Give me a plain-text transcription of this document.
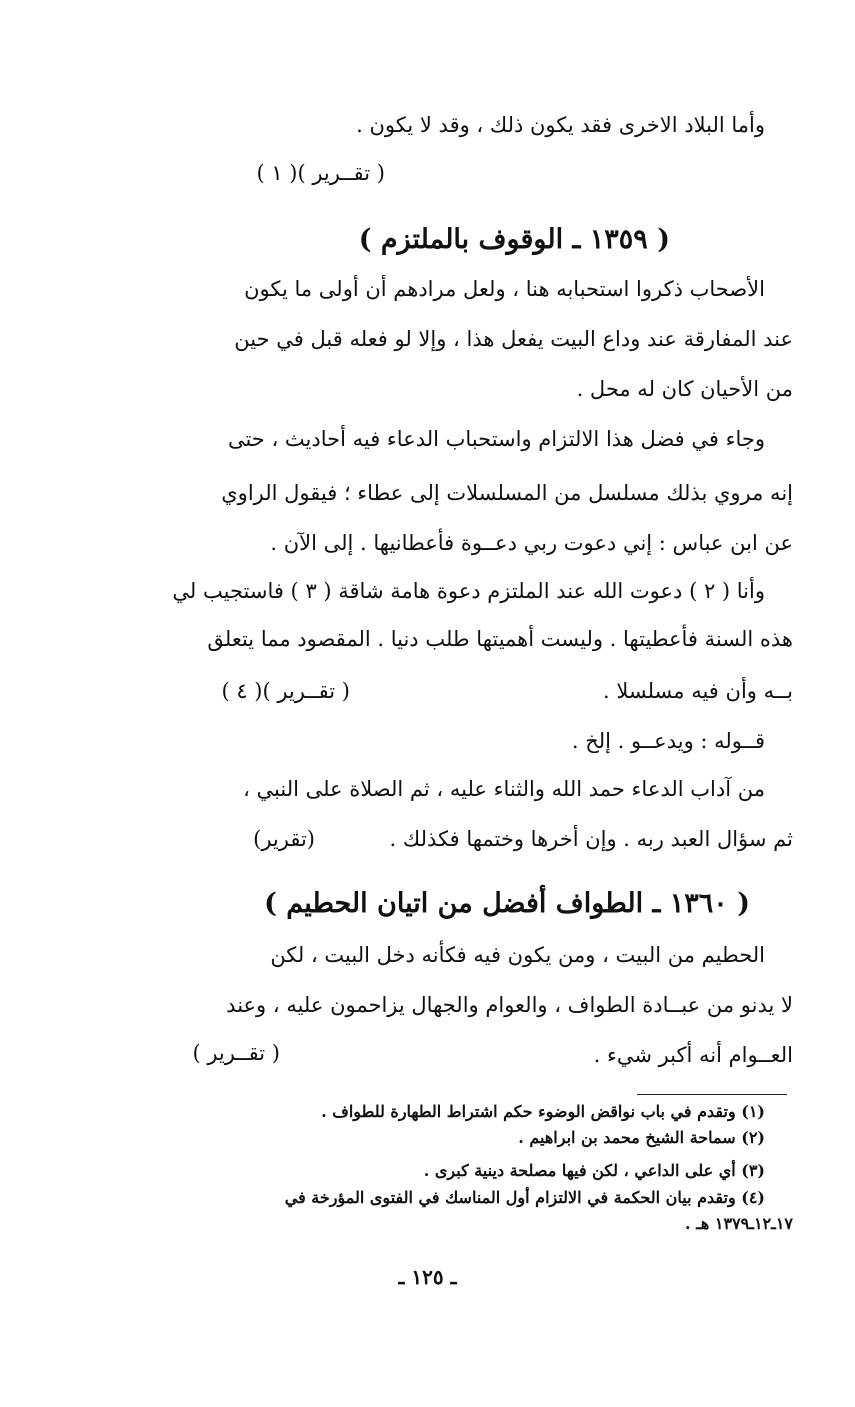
وأما البلاد الاخرى فقد يكون ذلك ، وقد لا يكون .
( تقــرير )( ١ )
( ١٣٥٩ ـ الوقوف بالملتزم )
الأصحاب ذكروا استحبابه هنا ، ولعل مرادهم أن أولى ما يكون
عند المفارقة عند وداع البيت يفعل هذا ، وإلا لو فعله قبل في حين
من الأحيان كان له محل .
وجاء في فضل هذا الالتزام واستحباب الدعاء فيه أحاديث ، حتى
إنه مروي بذلك مسلسل من المسلسلات إلى عطاء ؛ فيقول الراوي
عن ابن عباس : إني دعوت ربي دعــوة فأعطانيها . إلى الآن .
وأنا ( ٢ ) دعوت الله عند الملتزم دعوة هامة شاقة ( ٣ ) فاستجيب لي
هذه السنة فأعطيتها . وليست أهميتها طلب دنيا . المقصود مما يتعلق
بــه وأن فيه مسلسلا .
( تقــرير )( ٤ )
قــوله : ويدعــو . إلخ .
من آداب الدعاء حمد الله والثناء عليه ، ثم الصلاة على النبي ،
ثم سؤال العبد ربه . وإن أخرها وختمها فكذلك .
(تقرير)
( ١٣٦٠ ـ الطواف أفضل من اتيان الحطيم )
الحطيم من البيت ، ومن يكون فيه فكأنه دخل البيت ، لكن
لا يدنو من عبــادة الطواف ، والعوام والجهال يزاحمون عليه ، وعند
العــوام أنه أكبر شيء .
( تقــرير )
(١) وتقدم في باب نواقض الوضوء حكم اشتراط الطهارة للطواف .
(٢) سماحة الشيخ محمد بن ابراهيم .
(٣) أي على الداعي ، لكن فيها مصلحة دينية كبرى .
(٤) وتقدم بيان الحكمة في الالتزام أول المناسك في الفتوى المؤرخة في
١٧ـ١٢ـ١٣٧٩ هـ .
ـ ١٢٥ ـ
